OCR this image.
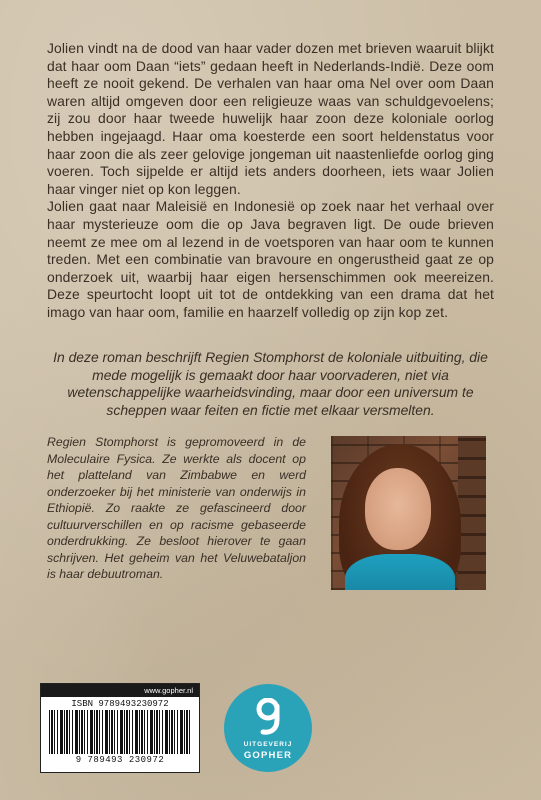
Jolien vindt na de dood van haar vader dozen met brieven waaruit blijkt dat haar oom Daan “iets” gedaan heeft in Nederlands-Indië. Deze oom heeft ze nooit gekend. De verhalen van haar oma Nel over oom Daan waren altijd omgeven door een religieuze waas van schuldgevoelens; zij zou door haar tweede huwelijk haar zoon deze koloniale oorlog hebben ingejaagd. Haar oma koesterde een soort heldenstatus voor haar zoon die als zeer gelovige jongeman uit naastenliefde oorlog ging voeren. Toch sijpelde er altijd iets anders doorheen, iets waar Jolien haar vinger niet op kon leggen.
Jolien gaat naar Maleisië en Indonesië op zoek naar het verhaal over haar mysterieuze oom die op Java begraven ligt. De oude brieven neemt ze mee om al lezend in de voetsporen van haar oom te kunnen treden. Met een combinatie van bravoure en ongerustheid gaat ze op onderzoek uit, waarbij haar eigen hersenschimmen ook meereizen. Deze speurtocht loopt uit tot de ontdekking van een drama dat het imago van haar oom, familie en haarzelf volledig op zijn kop zet.

In deze roman beschrijft Regien Stomphorst de koloniale uitbuiting, die mede mogelijk is gemaakt door haar voorvaderen, niet via wetenschappelijke waarheidsvinding, maar door een universum te scheppen waar feiten en fictie met elkaar versmelten.

Regien Stomphorst is gepromoveerd in de Moleculaire Fysica. Ze werkte als docent op het platteland van Zimbabwe en werd onderzoeker bij het ministerie van onderwijs in Ethiopië. Zo raakte ze gefascineerd door cultuurverschillen en op racisme gebaseerde onderdrukking. Ze besloot hierover te gaan schrijven. Het geheim van het Veluwebataljon is haar debuutroman.

www.gopher.nl
ISBN 9789493230972
9 789493 230972
UITGEVERIJ
GOPHER
